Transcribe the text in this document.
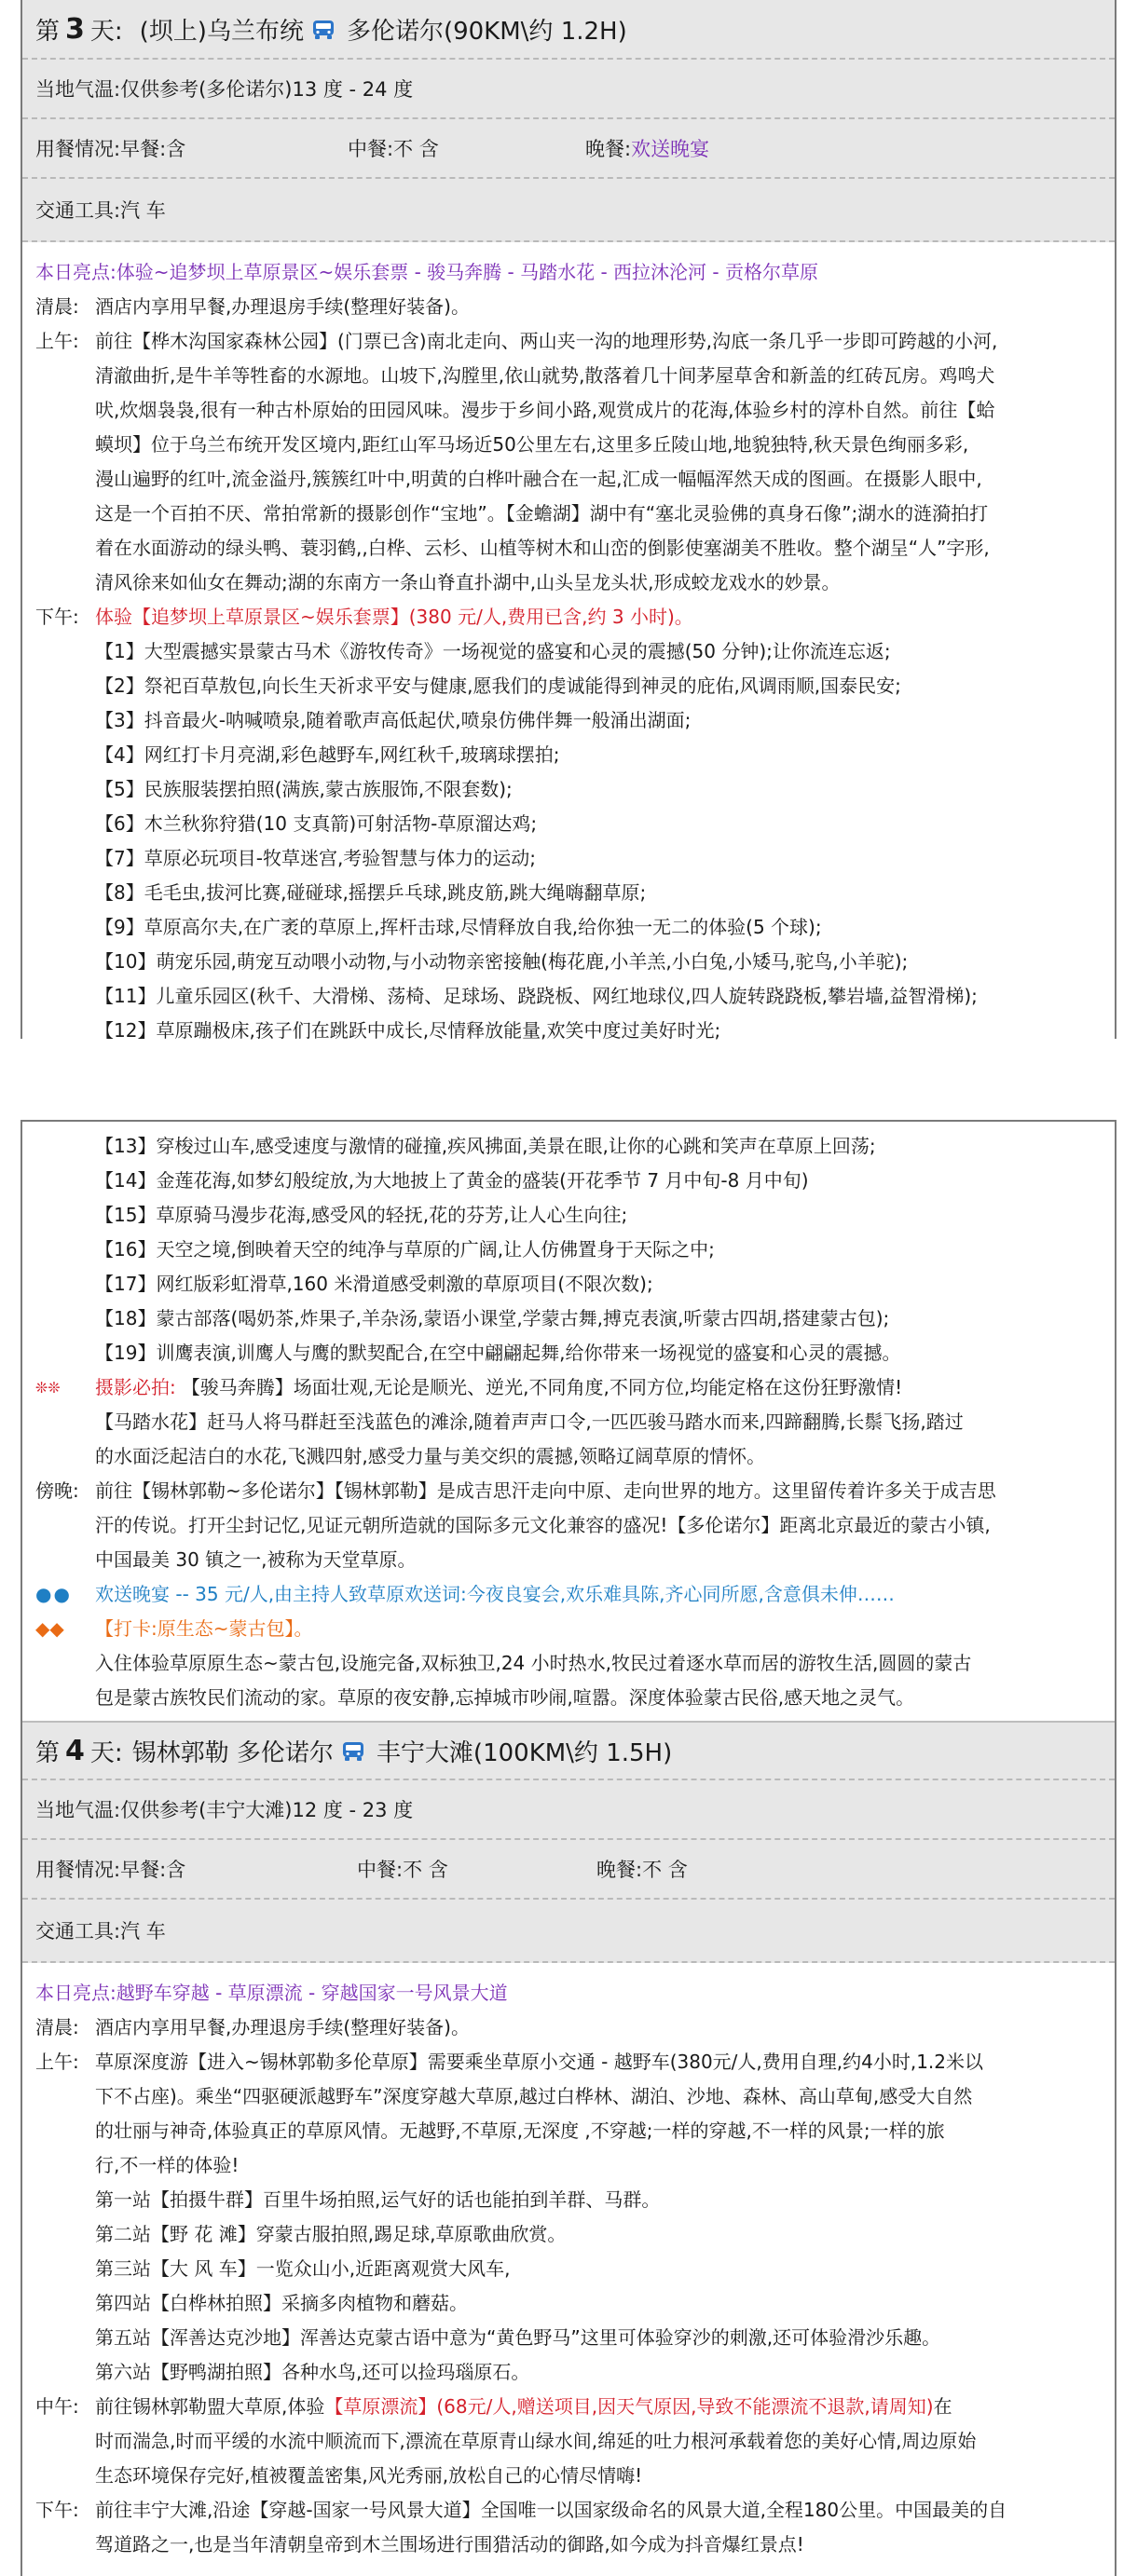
第 3 天: (坝上)乌兰布统 多伦诺尔(90KM\约 1.2H)
当地气温:仅供参考(多伦诺尔)13 度 - 24 度
用餐情况:早餐:含	中餐:不 含	晚餐: 欢送晚宴
交通工具:汽 车
本日亮点:体验~追梦坝上草原景区~娱乐套票 - 骏马奔腾 - 马踏水花 - 西拉沐沦河 - 贡格尔草原
清晨: 酒店内享用早餐,办理退房手续(整理好装备)。
上午: 前往【桦木沟国家森林公园】(门票已含)南北走向、两山夹一沟的地理形势,沟底一条几乎一步即可跨越的小河,
清澈曲折,是牛羊等牲畜的水源地。山坡下,沟膛里,依山就势,散落着几十间茅屋草舍和新盖的红砖瓦房。鸡鸣犬
吠,炊烟袅袅,很有一种古朴原始的田园风味。漫步于乡间小路,观赏成片的花海,体验乡村的淳朴自然。前往【蛤
蟆坝】位于乌兰布统开发区境内,距红山军马场近50公里左右,这里多丘陵山地,地貌独特,秋天景色绚丽多彩,
漫山遍野的红叶,流金溢丹,簇簇红叶中,明黄的白桦叶融合在一起,汇成一幅幅浑然天成的图画。在摄影人眼中,
这是一个百拍不厌、常拍常新的摄影创作“宝地”。【金蟾湖】湖中有“塞北灵验佛的真身石像”;湖水的涟漪拍打
着在水面游动的绿头鸭、蓑羽鹤,,白桦、云杉、山植等树木和山峦的倒影使塞湖美不胜收。整个湖呈“人”字形,
清风徐来如仙女在舞动;湖的东南方一条山脊直扑湖中,山头呈龙头状,形成蛟龙戏水的妙景。
下午: 体验【追梦坝上草原景区~娱乐套票】(380 元/人,费用已含,约 3 小时)。
【1】大型震撼实景蒙古马术《游牧传奇》一场视觉的盛宴和心灵的震撼(50 分钟);让你流连忘返;
【2】祭祀百草敖包,向长生天祈求平安与健康,愿我们的虔诚能得到神灵的庇佑,风调雨顺,国泰民安;
【3】抖音最火-呐喊喷泉,随着歌声高低起伏,喷泉仿佛伴舞一般涌出湖面;
【4】网红打卡月亮湖,彩色越野车,网红秋千,玻璃球摆拍;
【5】民族服装摆拍照(满族,蒙古族服饰,不限套数);
【6】木兰秋狝狩猎(10 支真箭)可射活物-草原溜达鸡;
【7】草原必玩项目-牧草迷宫,考验智慧与体力的运动;
【8】毛毛虫,拔河比赛,碰碰球,摇摆乒乓球,跳皮筋,跳大绳嗨翻草原;
【9】草原高尔夫,在广袤的草原上,挥杆击球,尽情释放自我,给你独一无二的体验(5 个球);
【10】萌宠乐园,萌宠互动喂小动物,与小动物亲密接触(梅花鹿,小羊羔,小白兔,小矮马,驼鸟,小羊驼);
【11】儿童乐园区(秋千、大滑梯、荡椅、足球场、跷跷板、网红地球仪,四人旋转跷跷板,攀岩墙,益智滑梯);
【12】草原蹦极床,孩子们在跳跃中成长,尽情释放能量,欢笑中度过美好时光;
【13】穿梭过山车,感受速度与激情的碰撞,疾风拂面,美景在眼,让你的心跳和笑声在草原上回荡;
【14】金莲花海,如梦幻般绽放,为大地披上了黄金的盛装(开花季节 7 月中旬-8 月中旬)
【15】草原骑马漫步花海,感受风的轻抚,花的芬芳,让人心生向往;
【16】天空之境,倒映着天空的纯净与草原的广阔,让人仿佛置身于天际之中;
【17】网红版彩虹滑草,160 米滑道感受刺激的草原项目(不限次数);
【18】蒙古部落(喝奶茶,炸果子,羊杂汤,蒙语小课堂,学蒙古舞,搏克表演,听蒙古四胡,搭建蒙古包);
【19】训鹰表演,训鹰人与鹰的默契配合,在空中翩翩起舞,给你带来一场视觉的盛宴和心灵的震撼。
❊❊	摄影必拍: 【骏马奔腾】场面壮观,无论是顺光、逆光,不同角度,不同方位,均能定格在这份狂野激情!
【马踏水花】赶马人将马群赶至浅蓝色的滩涂,随着声声口令,一匹匹骏马踏水而来,四蹄翻腾,长鬃飞扬,踏过
的水面泛起洁白的水花,飞溅四射,感受力量与美交织的震撼,领略辽阔草原的情怀。
傍晚: 前往【锡林郭勒~多伦诺尔】【锡林郭勒】是成吉思汗走向中原、走向世界的地方。这里留传着许多关于成吉思
汗的传说。打开尘封记忆,见证元朝所造就的国际多元文化兼容的盛况!【多伦诺尔】距离北京最近的蒙古小镇,
中国最美 30 镇之一,被称为天堂草原。
●●	欢送晚宴 -- 35 元/人,由主持人致草原欢送词:今夜良宴会,欢乐难具陈,齐心同所愿,含意俱未伸……
◆◆	【打卡:原生态~蒙古包】。
入住体验草原原生态~蒙古包,设施完备,双标独卫,24 小时热水,牧民过着逐水草而居的游牧生活,圆圆的蒙古
包是蒙古族牧民们流动的家。草原的夜安静,忘掉城市吵闹,喧嚣。深度体验蒙古民俗,感天地之灵气。
第 4 天: 锡林郭勒 多伦诺尔 丰宁大滩(100KM\约 1.5H)
当地气温:仅供参考(丰宁大滩)12 度 - 23 度
用餐情况:早餐:含	中餐:不 含	晚餐:不 含
交通工具:汽 车
本日亮点:越野车穿越 - 草原漂流 - 穿越国家一号风景大道
清晨: 酒店内享用早餐,办理退房手续(整理好装备)。
上午: 草原深度游【进入~锡林郭勒多伦草原】需要乘坐草原小交通 - 越野车(380元/人,费用自理,约4小时,1.2米以
下不占座)。乘坐“四驱硬派越野车”深度穿越大草原,越过白桦林、湖泊、沙地、森林、高山草甸,感受大自然
的壮丽与神奇,体验真正的草原风情。无越野,不草原,无深度 ,不穿越;一样的穿越,不一样的风景;一样的旅
行,不一样的体验!
第一站【拍摄牛群】百里牛场拍照,运气好的话也能拍到羊群、马群。
第二站【野 花 滩】穿蒙古服拍照,踢足球,草原歌曲欣赏。
第三站【大 风 车】一览众山小,近距离观赏大风车,
第四站【白桦林拍照】采摘多肉植物和蘑菇。
第五站【浑善达克沙地】浑善达克蒙古语中意为“黄色野马”这里可体验穿沙的刺激,还可体验滑沙乐趣。
第六站【野鸭湖拍照】各种水鸟,还可以捡玛瑙原石。
中午: 前往锡林郭勒盟大草原,体验【草原漂流】(68元/人,赠送项目,因天气原因,导致不能漂流不退款,请周知)在
时而湍急,时而平缓的水流中顺流而下,漂流在草原青山绿水间,绵延的吐力根河承载着您的美好心情,周边原始
生态环境保存完好,植被覆盖密集,风光秀丽,放松自己的心情尽情嗨!
下午: 前往丰宁大滩,沿途【穿越-国家一号风景大道】全国唯一以国家级命名的风景大道,全程180公里。中国最美的自
驾道路之一,也是当年清朝皇帝到木兰围场进行围猎活动的御路,如今成为抖音爆红景点!
